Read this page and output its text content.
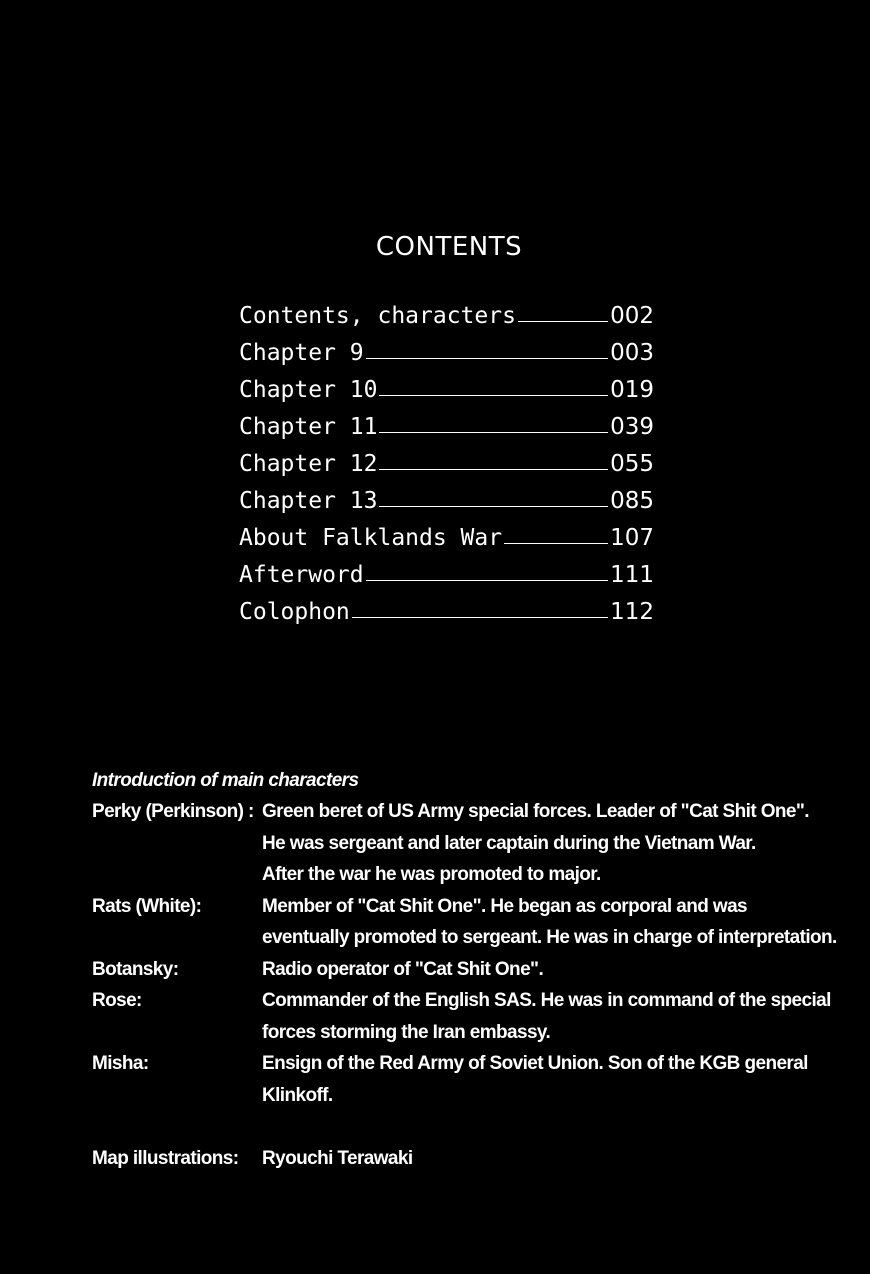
CONTENTS
Contents, characters	002
Chapter 9	003
Chapter 10	019
Chapter 11	039
Chapter 12	055
Chapter 13	085
About Falklands War	107
Afterword	111
Colophon	112
Introduction of main characters
Perky (Perkinson) : Green beret of US Army special forces. Leader of "Cat Shit One".
He was sergeant and later captain during the Vietnam War.
After the war he was promoted to major.
Rats (White):	Member of "Cat Shit One". He began as corporal and was
eventually promoted to sergeant. He was in charge of interpretation.
Botansky:	Radio operator of "Cat Shit One".
Rose:	Commander of the English SAS. He was in command of the special
forces storming the Iran embassy.
Misha:	Ensign of the Red Army of Soviet Union. Son of the KGB general
Klinkoff.
Map illustrations:	Ryouchi Terawaki
